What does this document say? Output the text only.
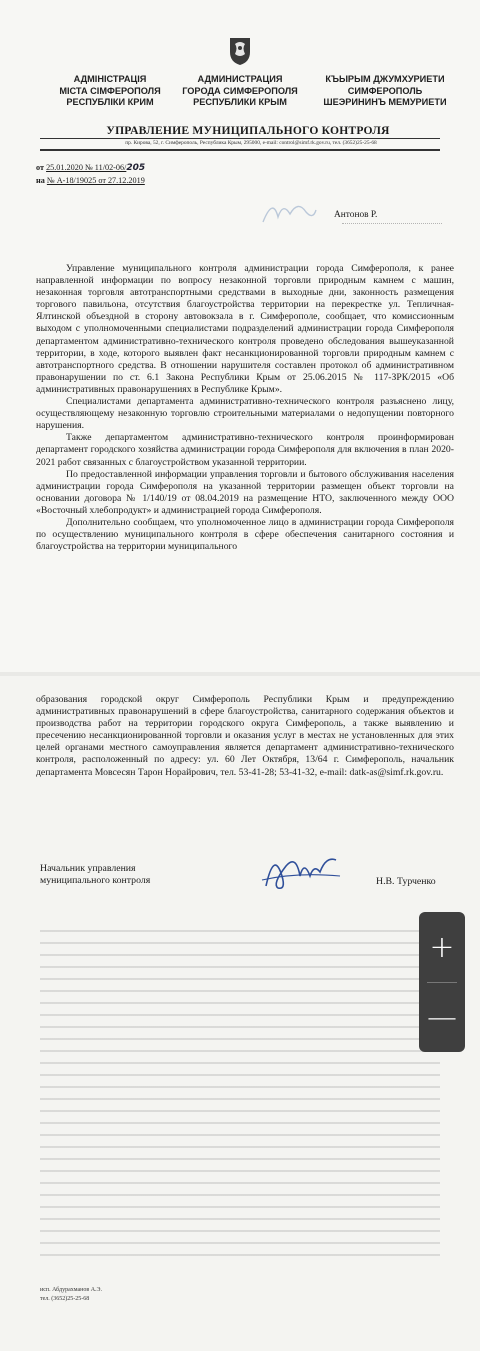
АДМІНІСТРАЦІЯ
МІСТА СІМФЕРОПОЛЯ
РЕСПУБЛІКИ КРИМ
АДМИНИСТРАЦИЯ
ГОРОДА СИМФЕРОПОЛЯ
РЕСПУБЛИКИ КРЫМ
КЪЫРЫМ ДЖУМХУРИЕТИ
СИМФЕРОПОЛЬ
ШЕЭРИНИНЪ МЕМУРИЕТИ
УПРАВЛЕНИЕ МУНИЦИПАЛЬНОГО КОНТРОЛЯ
пр. Кирова, 52, г. Симферополь, Республика Крым, 295000, e-mail: control@simf.rk.gov.ru, тел. (3652)25-25-68
от 25.01.2020 № 11/02-06/205
на № А-18/19025 от 27.12.2019
Антонов Р.

Управление муниципального контроля администрации города Симферополя, к ранее направленной информации по вопросу незаконной торговли природным камнем с машин, незаконная торговля автотранспортными средствами в выходные дни, законность размещения торгового павильона, отсутствия благоустройства территории на перекрестке ул. Тепличная-Ялтинской объездной в сторону автовокзала в г. Симферополе, сообщает, что комиссионным выходом с уполномоченными специалистами подразделений администрации города Симферополя департаментом административно-технического контроля проведено обследования вышеуказанной территории, в ходе, которого выявлен факт несанкционированной торговли природным камнем с автотранспортного средства. В отношении нарушителя составлен протокол об административном правонарушении по ст. 6.1 Закона Республики Крым от 25.06.2015 № 117-ЗРК/2015 «Об административных правонарушениях в Республике Крым».

Специалистами департамента административно-технического контроля разъяснено лицу, осуществляющему незаконную торговлю строительными материалами о недопущении повторного нарушения.

Также департаментом административно-технического контроля проинформирован департамент городского хозяйства администрации города Симферополя для включения в план 2020-2021 работ связанных с благоустройством указанной территории.

По предоставленной информации управления торговли и бытового обслуживания населения администрации города Симферополя на указанной территории размещен объект торговли на основании договора № 1/140/19 от 08.04.2019 на размещение НТО, заключенного между ООО «Восточный хлебопродукт» и администрацией города Симферополя.

Дополнительно сообщаем, что уполномоченное лицо в администрации города Симферополя по осуществлению муниципального контроля в сфере обеспечения санитарного состояния и благоустройства на территории муниципального

образования городской округ Симферополь Республики Крым и предупреждению административных правонарушений в сфере благоустройства, санитарного содержания объектов и производства работ на территории городского округа Симферополь, а также выявлению и пресечению несанкционированной торговли и оказания услуг в местах не установленных для этих целей органами местного самоуправления является департамент административно-технического контроля, расположенный по адресу: ул. 60 Лет Октября, 13/64 г. Симферополь, начальник департамента Мовсесян Тарон Норайрович, тел. 53-41-28; 53-41-32, e-mail: datk-as@simf.rk.gov.ru.

Начальник управления
муниципального контроля	Н.В. Турченко
исп. Абдурахманов А.Э.
тел. (3652)25-25-68
+
—
